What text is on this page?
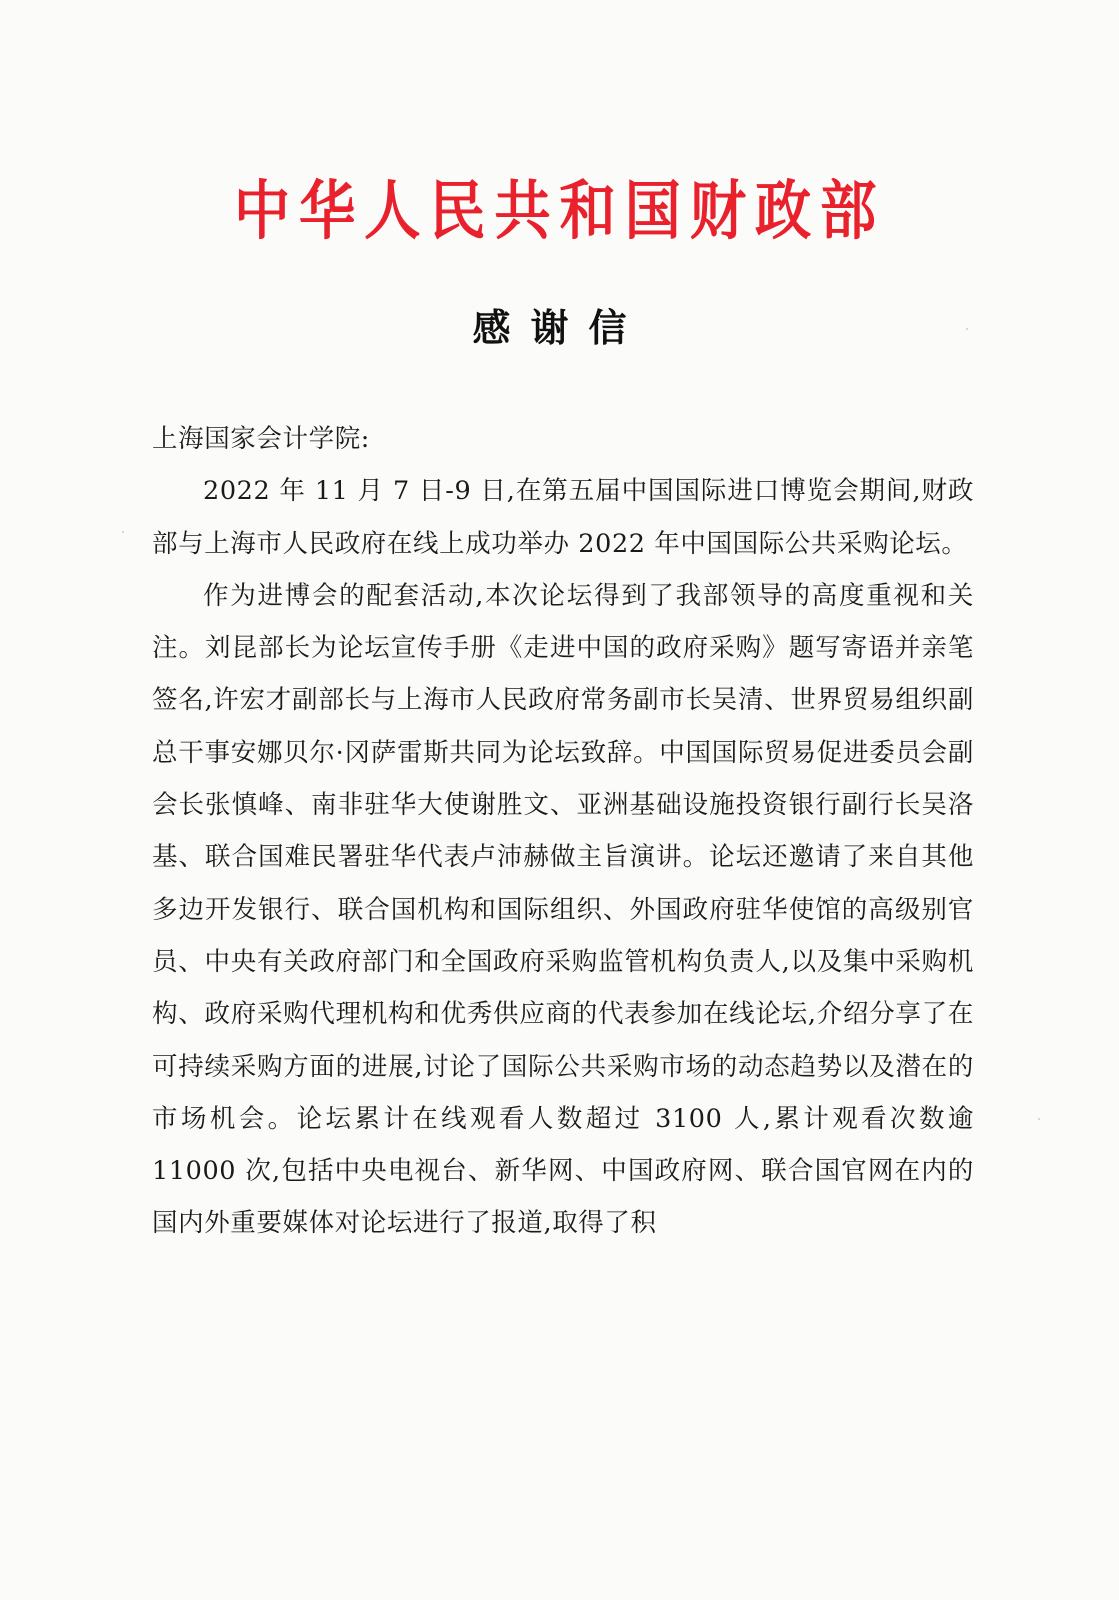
中华人民共和国财政部
感谢信

上海国家会计学院:

2022 年 11 月 7 日-9 日,在第五届中国国际进口博览会期间,财政部与上海市人民政府在线上成功举办 2022 年中国国际公共采购论坛。

作为进博会的配套活动,本次论坛得到了我部领导的高度重视和关注。刘昆部长为论坛宣传手册《走进中国的政府采购》题写寄语并亲笔签名,许宏才副部长与上海市人民政府常务副市长吴清、世界贸易组织副总干事安娜贝尔·冈萨雷斯共同为论坛致辞。中国国际贸易促进委员会副会长张慎峰、南非驻华大使谢胜文、亚洲基础设施投资银行副行长吴洛基、联合国难民署驻华代表卢沛赫做主旨演讲。论坛还邀请了来自其他多边开发银行、联合国机构和国际组织、外国政府驻华使馆的高级别官员、中央有关政府部门和全国政府采购监管机构负责人,以及集中采购机构、政府采购代理机构和优秀供应商的代表参加在线论坛,介绍分享了在可持续采购方面的进展,讨论了国际公共采购市场的动态趋势以及潜在的市场机会。论坛累计在线观看人数超过 3100 人,累计观看次数逾 11000 次,包括中央电视台、新华网、中国政府网、联合国官网在内的国内外重要媒体对论坛进行了报道,取得了积
